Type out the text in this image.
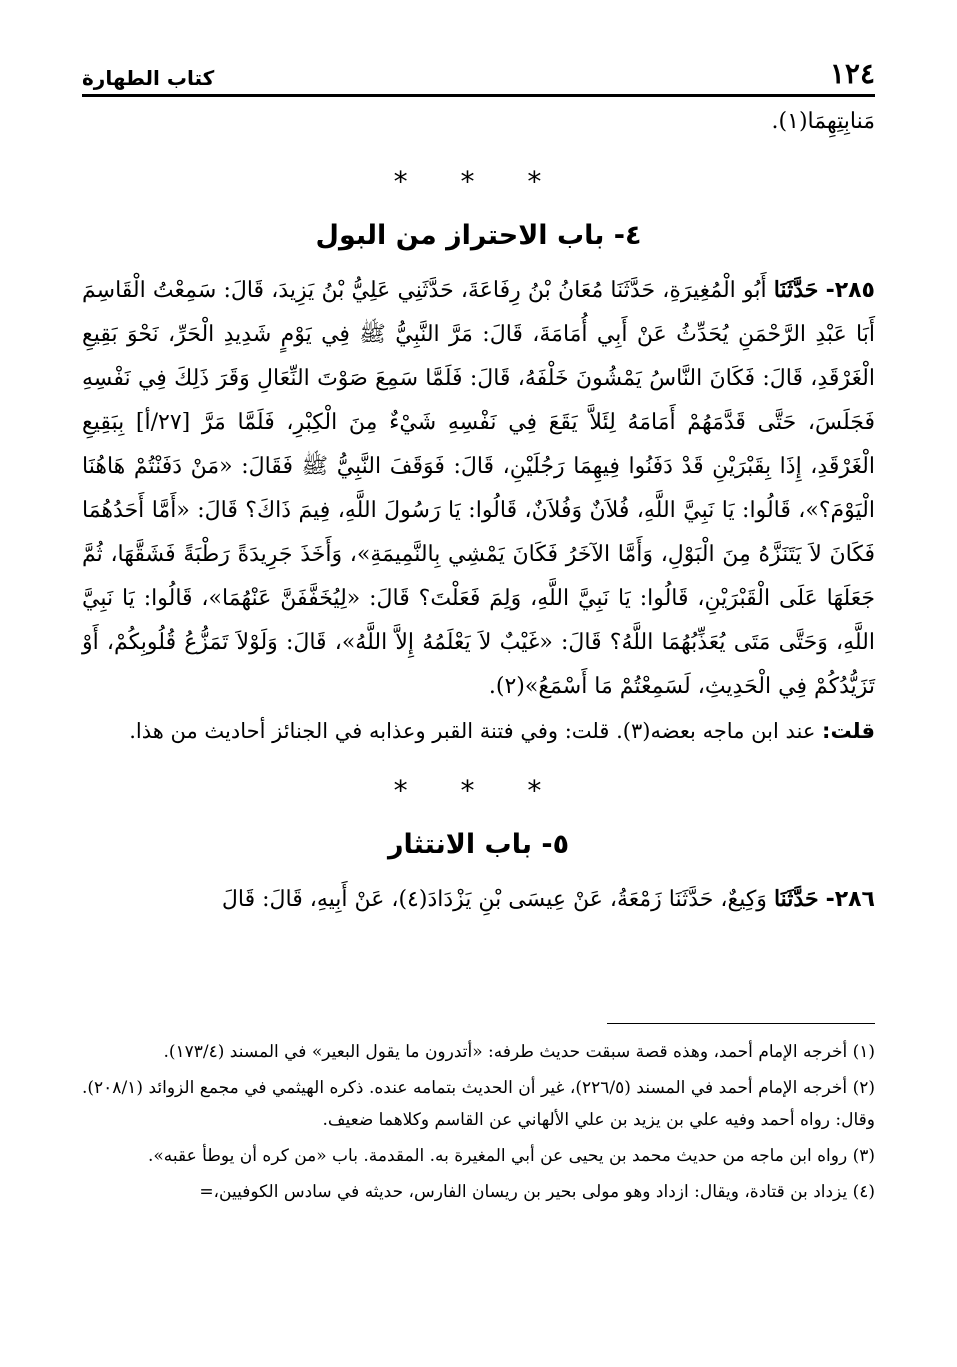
١٢٤
كتاب الطهارة

مَنابِتِهِمَا(١).

* * *
٤- باب الاحتراز من البول

٢٨٥- حَدَّثَنَا أَبُو الْمُغِيرَةِ، حَدَّثَنَا مُعَانُ بْنُ رِفَاعَةَ، حَدَّثَنِي عَلِيُّ بْنُ يَزِيدَ، قَالَ: سَمِعْتُ الْقَاسِمَ أَبَا عَبْدِ الرَّحْمَنِ يُحَدِّثُ عَنْ أَبِي أُمَامَةَ، قَالَ: مَرَّ النَّبِيُّ ﷺ فِي يَوْمٍ شَدِيدِ الْحَرِّ، نَحْوَ بَقِيعِ الْغَرْقَدِ، قَالَ: فَكَانَ النَّاسُ يَمْشُونَ خَلْفَهُ، قَالَ: فَلَمَّا سَمِعَ صَوْتَ النِّعَالِ وَقَرَ ذَلِكَ فِي نَفْسِهِ فَجَلَسَ، حَتَّى قَدَّمَهُمْ أَمَامَهُ لِئَلاَّ يَقَعَ فِي نَفْسِهِ شَيْءٌ مِنَ الْكِبْرِ، فَلَمَّا مَرَّ [٢٧/أ] بِبَقِيعِ الْغَرْقَدِ، إِذَا بِقَبْرَيْنِ قَدْ دَفَنُوا فِيهِمَا رَجُلَيْنِ، قَالَ: فَوَقَفَ النَّبِيُّ ﷺ فَقَالَ: «مَنْ دَفَنْتُمْ هَاهُنَا الْيَوْمَ؟»، قَالُوا: يَا نَبِيَّ اللَّهِ، فُلاَنٌ وَفُلاَنٌ، قَالُوا: يَا رَسُولَ اللَّهِ، فِيمَ ذَاكَ؟ قَالَ: «أَمَّا أَحَدُهُمَا فَكَانَ لاَ يَتَنَزَّهُ مِنَ الْبَوْلِ، وَأَمَّا الآخَرُ فَكَانَ يَمْشِي بِالنَّمِيمَةِ»، وَأَخَذَ جَرِيدَةً رَطْبَةً فَشَقَّهَا، ثُمَّ جَعَلَهَا عَلَى الْقَبْرَيْنِ، قَالُوا: يَا نَبِيَّ اللَّهِ، وَلِمَ فَعَلْتَ؟ قَالَ: «لِيُخَفَّفَنَّ عَنْهُمَا»، قَالُوا: يَا نَبِيَّ اللَّهِ، وَحَتَّى مَتَى يُعَذِّبُهُمَا اللَّهُ؟ قَالَ: «غَيْبٌ لاَ يَعْلَمُهُ إِلاَّ اللَّهُ»، قَالَ: وَلَوْلاَ تَمَزُّعُ قُلُوبِكُمْ، أَوْ تَزَيُّدُكُمْ فِي الْحَدِيثِ، لَسَمِعْتُمْ مَا أَسْمَعُ»(٢).

قلت: عند ابن ماجه بعضه(٣). قلت: وفي فتنة القبر وعذابه في الجنائز أحاديث من هذا.

* * *
٥- باب الانتثار

٢٨٦- حَدَّثَنَا وَكِيعٌ، حَدَّثَنَا زَمْعَةُ، عَنْ عِيسَى بْنِ يَزْدَادَ(٤)، عَنْ أَبِيهِ، قَالَ: قَالَ

(١) أخرجه الإمام أحمد، وهذه قصة سبقت حديث طرفه: «أتدرون ما يقول البعير» في المسند (١٧٣/٤).

(٢) أخرجه الإمام أحمد في المسند (٢٢٦/٥)، غير أن الحديث بتمامه عنده. ذكره الهيثمي في مجمع الزوائد (٢٠٨/١). وقال: رواه أحمد وفيه علي بن يزيد بن علي الألهاني عن القاسم وكلاهما ضعيف.

(٣) رواه ابن ماجه من حديث محمد بن يحيى عن أبي المغيرة به. المقدمة. باب «من كره أن يوطأ عقبه».

(٤) يزداد بن قتادة، ويقال: ازداد وهو مولى بحير بن ريسان الفارس، حديثه في سادس الكوفيين،=
